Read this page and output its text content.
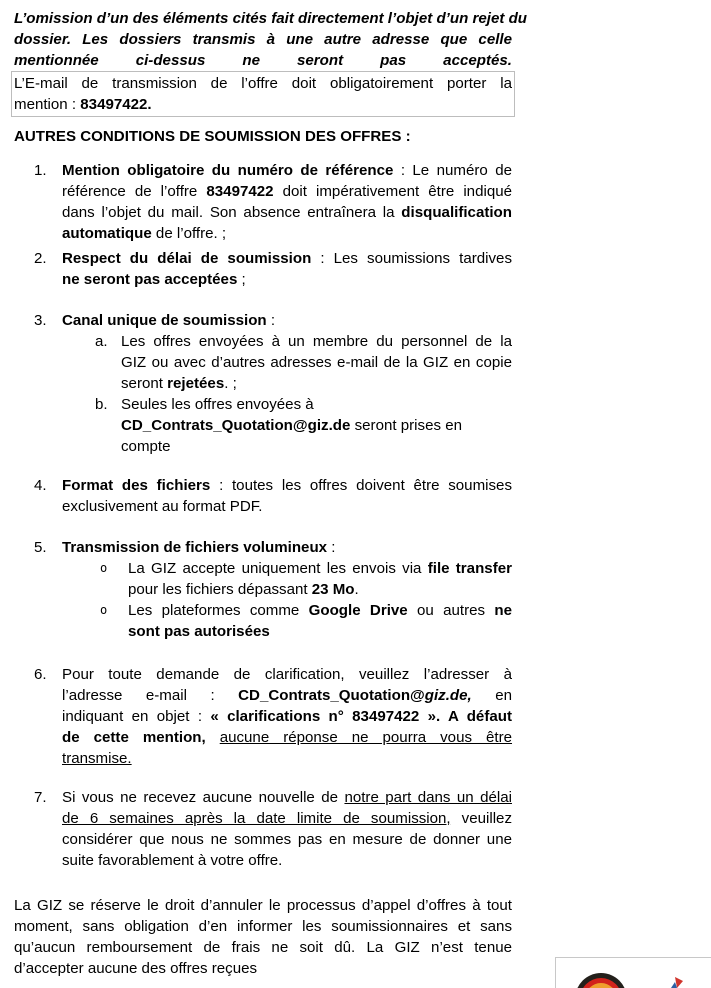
L’omission d’un des éléments cités fait directement l’objet d’un rejet du
dossier. Les dossiers transmis à une autre adresse que celle
mentionnée ci-dessus ne seront pas acceptés.
L’E-mail de transmission de l’offre doit obligatoirement porter la
mention : 83497422.
AUTRES CONDITIONS DE SOUMISSION DES OFFRES :
1.	Mention obligatoire du numéro de référence : Le numéro de
référence de l’offre 83497422 doit impérativement être indiqué
dans l’objet du mail. Son absence entraînera la disqualification
automatique de l’offre. ;
2.	Respect du délai de soumission : Les soumissions tardives
ne seront pas acceptées ;
3.	Canal unique de soumission :
a. Les offres envoyées à un membre du personnel de la
GIZ ou avec d’autres adresses e-mail de la GIZ en copie
seront rejetées. ;
b. Seules les offres envoyées à
CD_Contrats_Quotation@giz.de seront prises en
compte
4.	Format des fichiers : toutes les offres doivent être soumises
exclusivement au format PDF.
5.	Transmission de fichiers volumineux :
o	La GIZ accepte uniquement les envois via file transfer
pour les fichiers dépassant 23 Mo.
o	Les plateformes comme Google Drive ou autres ne
sont pas autorisées
6.	Pour toute demande de clarification, veuillez l’adresser à
l’adresse e-mail : CD_Contrats_Quotation@giz.de, en
indiquant en objet : « clarifications n° 83497422 ». A défaut
de cette mention, aucune réponse ne pourra vous être
transmise.
7.	Si vous ne recevez aucune nouvelle de notre part dans un délai
de 6 semaines après la date limite de soumission, veuillez
considérer que nous ne sommes pas en mesure de donner une
suite favorablement à votre offre.
La GIZ se réserve le droit d’annuler le processus d’appel d’offres à tout
moment, sans obligation d’en informer les soumissionnaires et sans
qu’aucun remboursement de frais ne soit dû. La GIZ n’est tenue
d’accepter aucune des offres reçues
